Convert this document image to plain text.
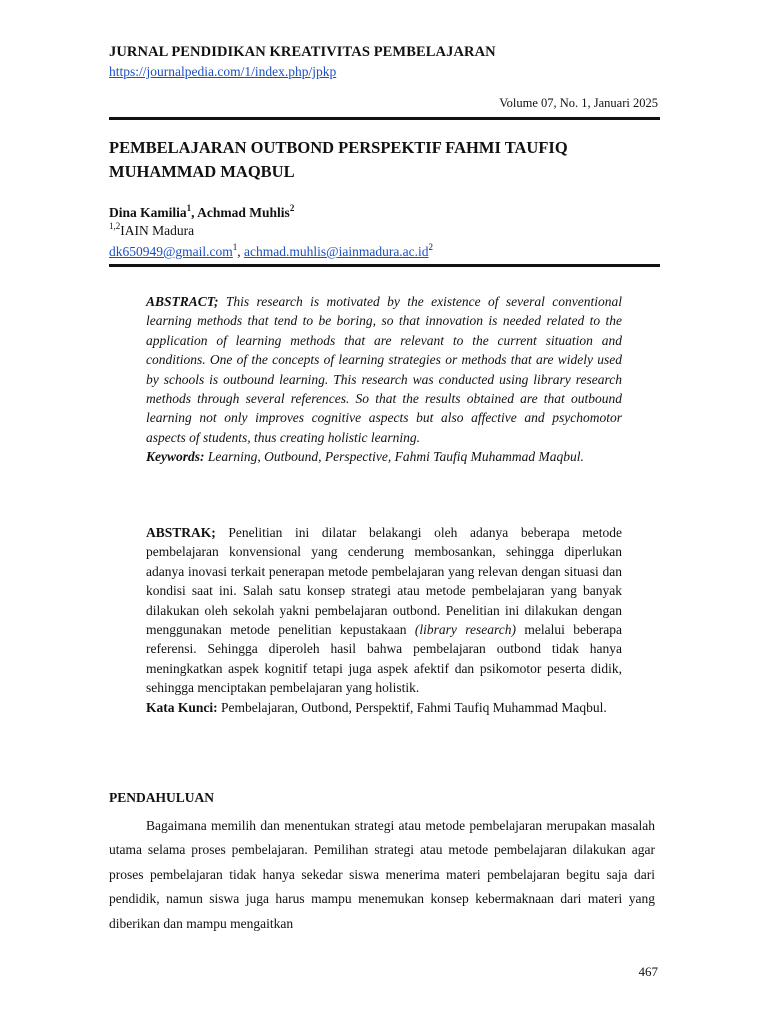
JURNAL PENDIDIKAN KREATIVITAS PEMBELAJARAN
https://journalpedia.com/1/index.php/jpkp
Volume 07, No. 1, Januari 2025
PEMBELAJARAN OUTBOND PERSPEKTIF FAHMI TAUFIQ MUHAMMAD MAQBUL
Dina Kamilia$^1$, Achmad Muhlis$^2$
$^{1,2}$IAIN Madura
dk650949@gmail.com$^1$, $achmad.muhlis@iainmadura.ac.id^2$
ABSTRACT; This research is motivated by the existence of several conventional learning methods that tend to be boring, so that innovation is needed related to the application of learning methods that are relevant to the current situation and conditions. One of the concepts of learning strategies or methods that are widely used by schools is outbound learning. This research was conducted using library research methods through several references. So that the results obtained are that outbound learning not only improves cognitive aspects but also affective and psychomotor aspects of students, thus creating holistic learning.
Keywords: Learning, Outbound, Perspective, Fahmi Taufiq Muhammad Maqbul.
ABSTRAK; Penelitian ini dilatar belakangi oleh adanya beberapa metode pembelajaran konvensional yang cenderung membosankan, sehingga diperlukan adanya inovasi terkait penerapan metode pembelajaran yang relevan dengan situasi dan kondisi saat ini. Salah satu konsep strategi atau metode pembelajaran yang banyak dilakukan oleh sekolah yakni pembelajaran outbond. Penelitian ini dilakukan dengan menggunakan metode penelitian kepustakaan (library research) melalui beberapa referensi. Sehingga diperoleh hasil bahwa pembelajaran outbond tidak hanya meningkatkan aspek kognitif tetapi juga aspek afektif dan psikomotor peserta didik, sehingga menciptakan pembelajaran yang holistik.
Kata Kunci: Pembelajaran, Outbond, Perspektif, Fahmi Taufiq Muhammad Maqbul.
PENDAHULUAN
Bagaimana memilih dan menentukan strategi atau metode pembelajaran merupakan masalah utama selama proses pembelajaran. Pemilihan strategi atau metode pembelajaran dilakukan agar proses pembelajaran tidak hanya sekedar siswa menerima materi pembelajaran begitu saja dari pendidik, namun siswa juga harus mampu menemukan konsep kebermaknaan dari materi yang diberikan dan mampu mengaitkan
467
